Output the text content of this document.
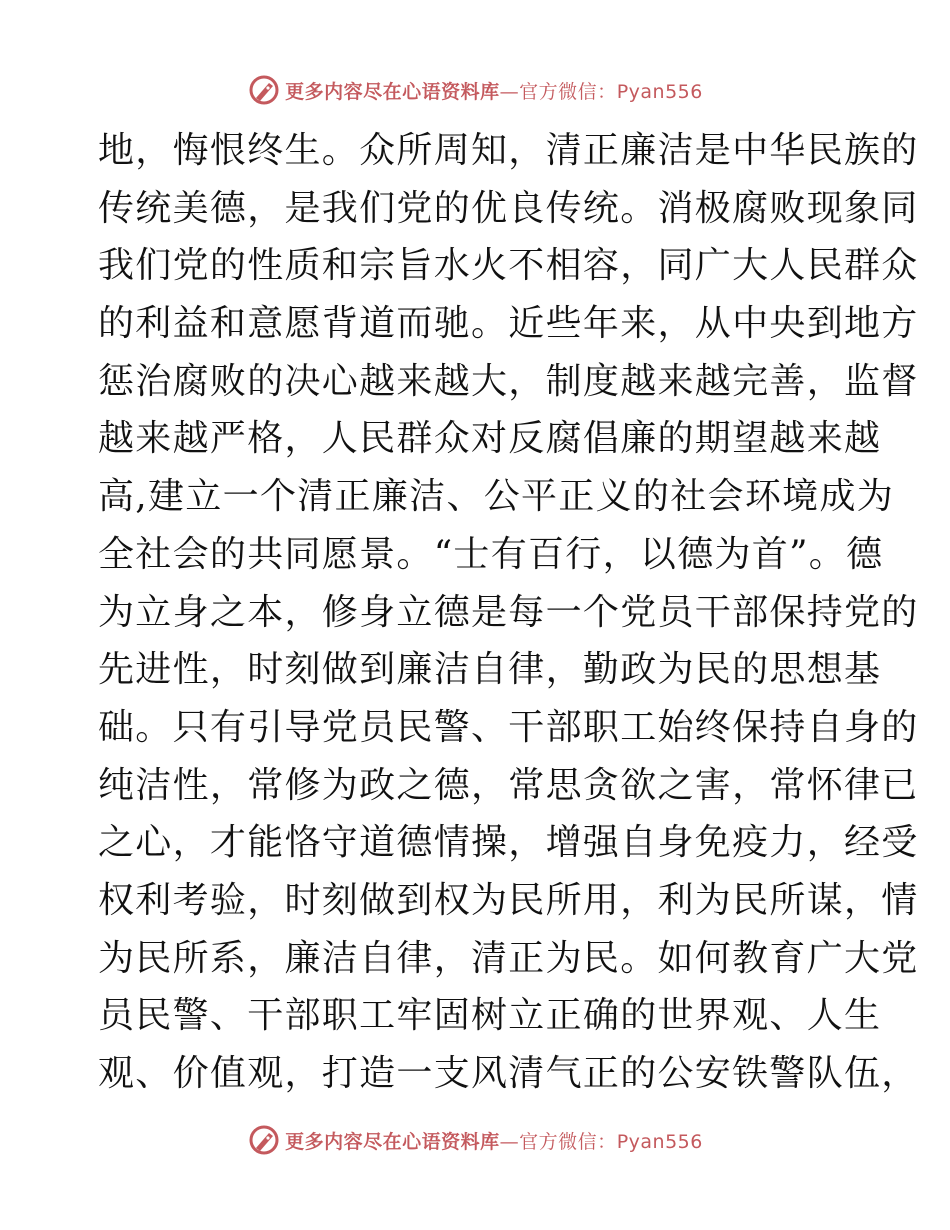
更多内容尽在心语资料库—官方微信：Pyan556
地，悔恨终生。众所周知，清正廉洁是中华民族的
传统美德，是我们党的优良传统。消极腐败现象同
我们党的性质和宗旨水火不相容，同广大人民群众
的利益和意愿背道而驰。近些年来，从中央到地方
惩治腐败的决心越来越大，制度越来越完善，监督
越来越严格，人民群众对反腐倡廉的期望越来越
高,建立一个清正廉洁、公平正义的社会环境成为
全社会的共同愿景。“士有百行，以德为首”。德
为立身之本，修身立德是每一个党员干部保持党的
先进性，时刻做到廉洁自律，勤政为民的思想基
础。只有引导党员民警、干部职工始终保持自身的
纯洁性，常修为政之德，常思贪欲之害，常怀律已
之心，才能恪守道德情操，增强自身免疫力，经受
权利考验，时刻做到权为民所用，利为民所谋，情
为民所系，廉洁自律，清正为民。如何教育广大党
员民警、干部职工牢固树立正确的世界观、人生
观、价值观，打造一支风清气正的公安铁警队伍，
更多内容尽在心语资料库—官方微信：Pyan556
